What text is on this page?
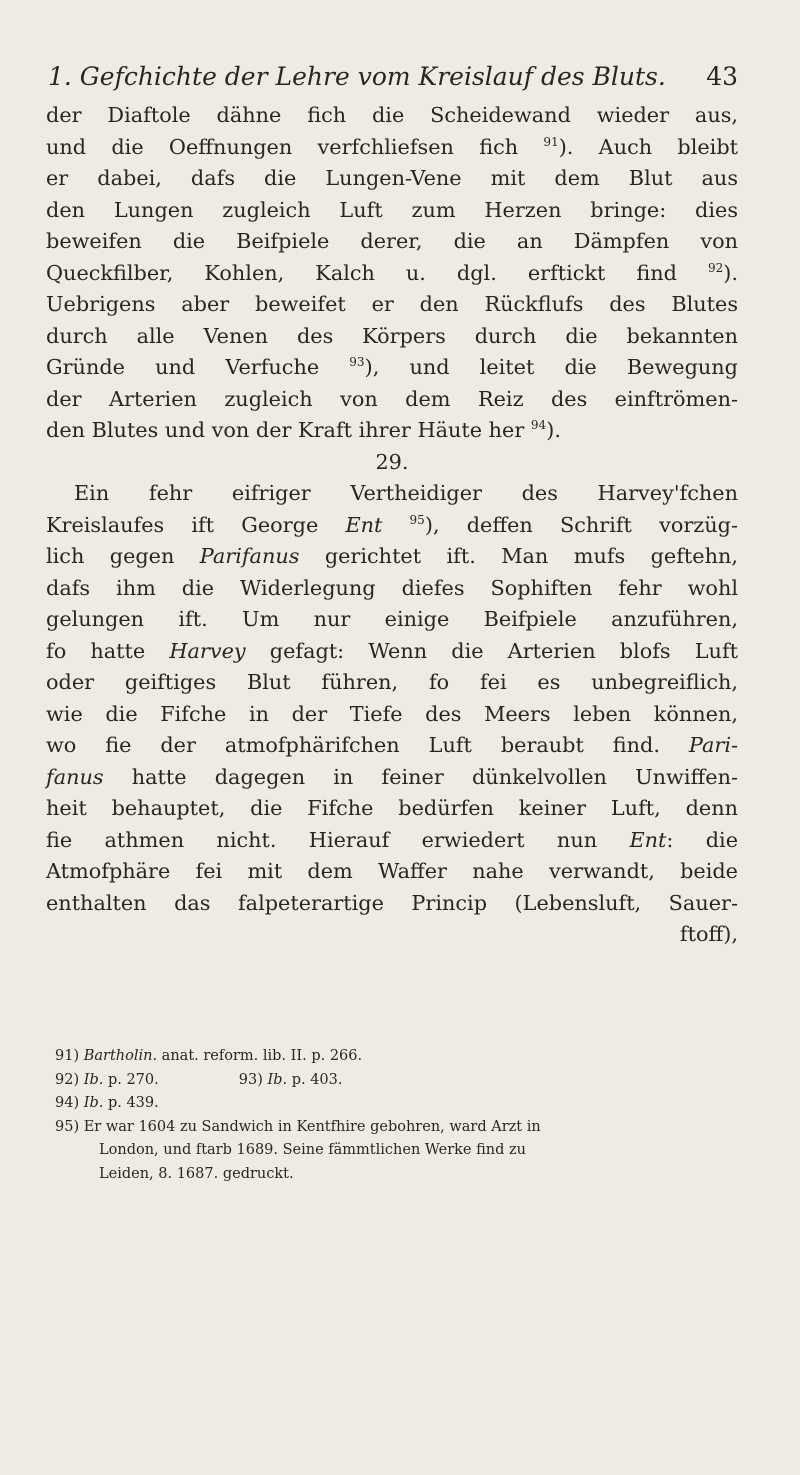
1. Gefchichte der Lehre vom Kreislauf des Bluts. 43
der Diaftole dähne fich die Scheidewand wieder aus,
und die Oeffnungen verfchliefsen fich $^{91}$). Auch bleibt
er dabei, dafs die Lungen-Vene mit dem Blut aus
den Lungen zugleich Luft zum Herzen bringe: dies
beweifen die Beifpiele derer, die an Dämpfen von
Queckfilber, Kohlen, Kalch u. dgl. erftickt find $^{92}$).
Uebrigens aber beweifet er den Rückflufs des Blutes
durch alle Venen des Körpers durch die bekannten
Gründe und Verfuche $^{93}$), und leitet die Bewegung
der Arterien zugleich von dem Reiz des einftrömen-
den Blutes und von der Kraft ihrer Häute her $^{94}$).
29.
Ein fehr eifriger Vertheidiger des Harvey'fchen
Kreislaufes ift George Ent $^{95}$), deffen Schrift vorzüg-
lich gegen Parifanus gerichtet ift. Man mufs geftehn,
dafs ihm die Widerlegung diefes Sophiften fehr wohl
gelungen ift. Um nur einige Beifpiele anzuführen,
fo hatte Harvey gefagt: Wenn die Arterien blofs Luft
oder geiftiges Blut führen, fo fei es unbegreiflich,
wie die Fifche in der Tiefe des Meers leben können,
wo fie der atmofphärifchen Luft beraubt find. Pari-
fanus hatte dagegen in feiner dünkelvollen Unwiffen-
heit behauptet, die Fifche bedürfen keiner Luft, denn
fie athmen nicht. Hierauf erwiedert nun Ent: die
Atmofphäre fei mit dem Waffer nahe verwandt, beide
enthalten das falpeterartige Princip (Lebensluft, Sauer-
ftoff),
91) Bartholin. anat. reform. lib. II. p. 266.
92) Ib. p. 270.	93) Ib. p. 403.
94) Ib. p. 439.
95) Er war 1604 zu Sandwich in Kentfhire gebohren, ward Arzt in
London, und ftarb 1689. Seine fämmtlichen Werke find zu
Leiden, 8. 1687. gedruckt.
